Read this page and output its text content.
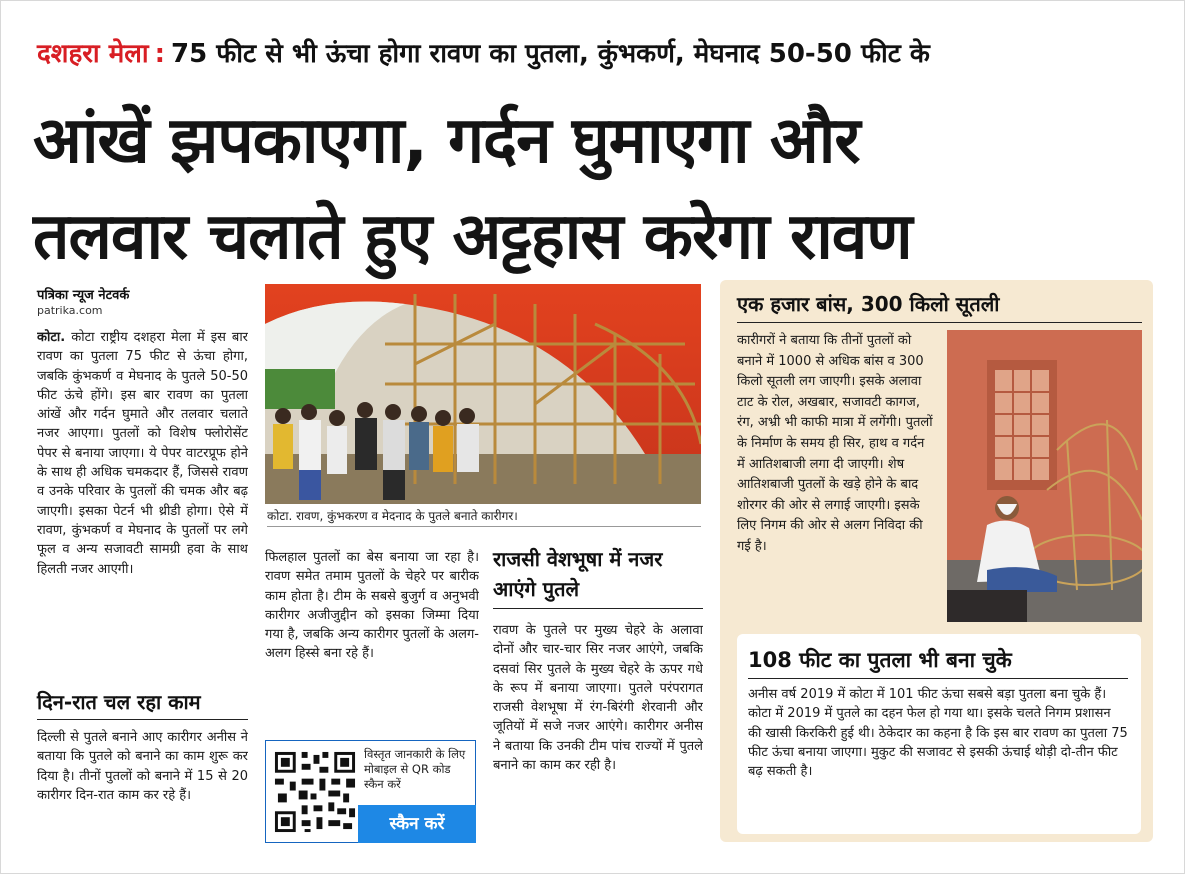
दशहरा मेला : 75 फीट से भी ऊंचा होगा रावण का पुतला, कुंभकर्ण, मेघनाद 50-50 फीट के
आंखें झपकाएगा, गर्दन घुमाएगा और
तलवार चलाते हुए अट्टहास करेगा रावण
पत्रिका न्यूज नेटवर्क
patrika.com
कोटा. कोटा राष्ट्रीय दशहरा मेला में इस बार रावण का पुतला 75 फीट से ऊंचा होगा, जबकि कुंभकर्ण व मेघनाद के पुतले 50-50 फीट ऊंचे होंगे। इस बार रावण का पुतला आंखें और गर्दन घुमाते और तलवार चलाते नजर आएगा। पुतलों को विशेष फ्लोरोसेंट पेपर से बनाया जाएगा। ये पेपर वाटरप्रूफ होने के साथ ही अधिक चमकदार हैं, जिससे रावण व उनके परिवार के पुतलों की चमक और बढ़ जाएगी। इसका पेटर्न भी थ्रीडी होगा। ऐसे में रावण, कुंभकर्ण व मेघनाद के पुतलों पर लगे फूल व अन्य सजावटी सामग्री हवा के साथ हिलती नजर आएगी।
दिन-रात चल रहा काम
दिल्ली से पुतले बनाने आए कारीगर अनीस ने बताया कि पुतले को बनाने का काम शुरू कर दिया है। तीनों पुतलों को बनाने में 15 से 20 कारीगर दिन-रात काम कर रहे हैं।
कोटा. रावण, कुंभकरण व मेदनाद के पुतले बनाते कारीगर।
फिलहाल पुतलों का बेस बनाया जा रहा है। रावण समेत तमाम पुतलों के चेहरे पर बारीक काम होता है। टीम के सबसे बुजुर्ग व अनुभवी कारीगर अजीजुद्दीन को इसका जिम्मा दिया गया है, जबकि अन्य कारीगर पुतलों के अलग-अलग हिस्से बना रहे हैं।
विस्तृत जानकारी के लिए मोबाइल से QR कोड स्कैन करें
स्कैन करें
राजसी वेशभूषा में नजर आएंगे पुतले
रावण के पुतले पर मुख्य चेहरे के अलावा दोनों और चार-चार सिर नजर आएंगे, जबकि दसवां सिर पुतले के मुख्य चेहरे के ऊपर गधे के रूप में बनाया जाएगा। पुतले परंपरागत राजसी वेशभूषा में रंग-बिरंगी शेरवानी और जूतियों में सजे नजर आएंगे। कारीगर अनीस ने बताया कि उनकी टीम पांच राज्यों में पुतले बनाने का काम कर रही है।
एक हजार बांस, 300 किलो सूतली
कारीगरों ने बताया कि तीनों पुतलों को बनाने में 1000 से अधिक बांस व 300 किलो सूतली लग जाएगी। इसके अलावा टाट के रोल, अखबार, सजावटी कागज, रंग, अभ्री भी काफी मात्रा में लगेंगी। पुतलों के निर्माण के समय ही सिर, हाथ व गर्दन में आतिशबाजी लगा दी जाएगी। शेष आतिशबाजी पुतलों के खड़े होने के बाद शोरगर की ओर से लगाई जाएगी। इसके लिए निगम की ओर से अलग निविदा की गई है।
108 फीट का पुतला भी बना चुके
अनीस वर्ष 2019 में कोटा में 101 फीट ऊंचा सबसे बड़ा पुतला बना चुके हैं। कोटा में 2019 में पुतले का दहन फेल हो गया था। इसके चलते निगम प्रशासन की खासी किरकिरी हुई थी। ठेकेदार का कहना है कि इस बार रावण का पुतला 75 फीट ऊंचा बनाया जाएगा। मुकुट की सजावट से इसकी ऊंचाई थोड़ी दो-तीन फीट बढ़ सकती है।
